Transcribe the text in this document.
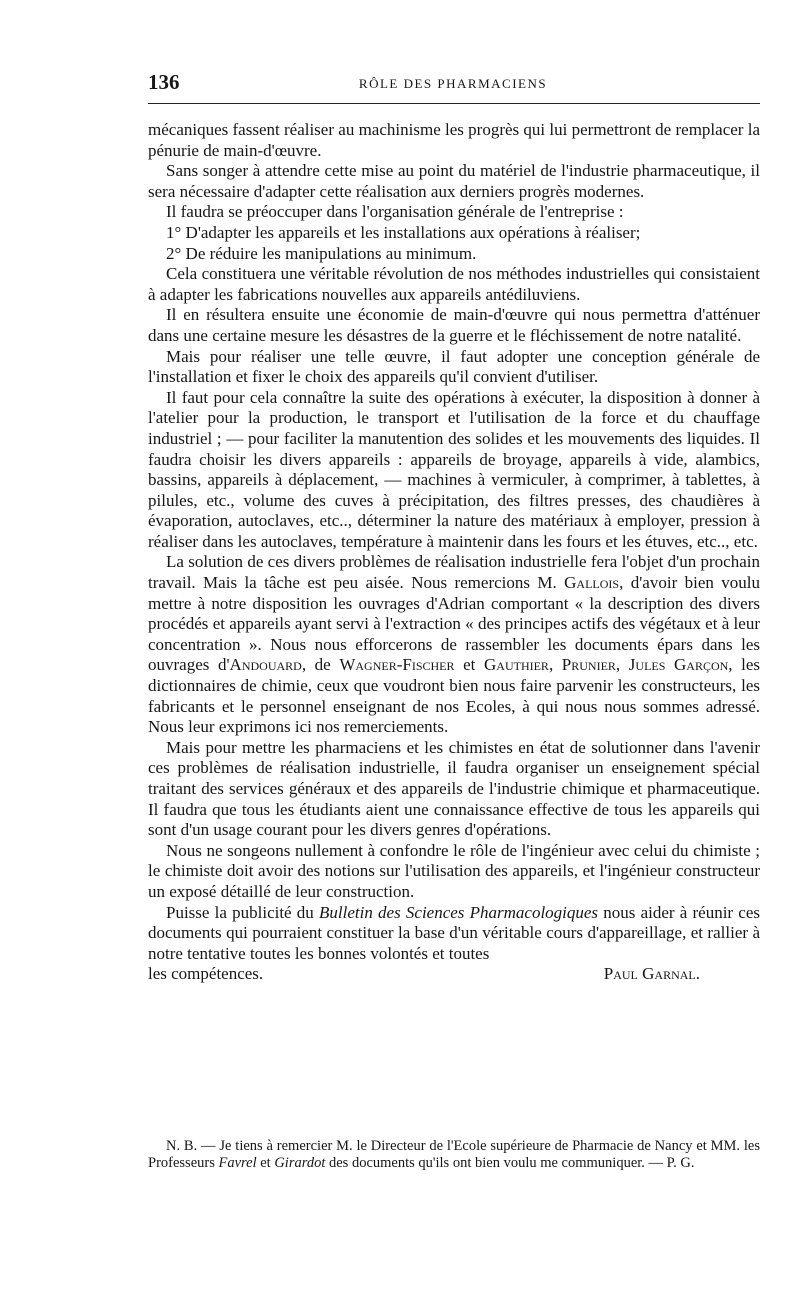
136	RÔLE DES PHARMACIENS

mécaniques fassent réaliser au machinisme les progrès qui lui permettront de remplacer la pénurie de main-d'œuvre.

Sans songer à attendre cette mise au point du matériel de l'industrie pharmaceutique, il sera nécessaire d'adapter cette réalisation aux derniers progrès modernes.

Il faudra se préoccuper dans l'organisation générale de l'entreprise :

1° D'adapter les appareils et les installations aux opérations à réaliser;

2° De réduire les manipulations au minimum.

Cela constituera une véritable révolution de nos méthodes industrielles qui consistaient à adapter les fabrications nouvelles aux appareils antédiluviens.

Il en résultera ensuite une économie de main-d'œuvre qui nous permettra d'atténuer dans une certaine mesure les désastres de la guerre et le fléchissement de notre natalité.

Mais pour réaliser une telle œuvre, il faut adopter une conception générale de l'installation et fixer le choix des appareils qu'il convient d'utiliser.

Il faut pour cela connaître la suite des opérations à exécuter, la disposition à donner à l'atelier pour la production, le transport et l'utilisation de la force et du chauffage industriel ; — pour faciliter la manutention des solides et les mouvements des liquides. Il faudra choisir les divers appareils : appareils de broyage, appareils à vide, alambics, bassins, appareils à déplacement, — machines à vermiculer, à comprimer, à tablettes, à pilules, etc., volume des cuves à précipitation, des filtres presses, des chaudières à évaporation, autoclaves, etc.., déterminer la nature des matériaux à employer, pression à réaliser dans les autoclaves, température à maintenir dans les fours et les étuves, etc.., etc.

La solution de ces divers problèmes de réalisation industrielle fera l'objet d'un prochain travail. Mais la tâche est peu aisée. Nous remercions M. Gallois, d'avoir bien voulu mettre à notre disposition les ouvrages d'Adrian comportant « la description des divers procédés et appareils ayant servi à l'extraction « des principes actifs des végétaux et à leur concentration ». Nous nous efforcerons de rassembler les documents épars dans les ouvrages d'Andouard, de Wagner-Fischer et Gauthier, Prunier, Jules Garçon, les dictionnaires de chimie, ceux que voudront bien nous faire parvenir les constructeurs, les fabricants et le personnel enseignant de nos Ecoles, à qui nous nous sommes adressé. Nous leur exprimons ici nos remerciements.

Mais pour mettre les pharmaciens et les chimistes en état de solutionner dans l'avenir ces problèmes de réalisation industrielle, il faudra organiser un enseignement spécial traitant des services généraux et des appareils de l'industrie chimique et pharmaceutique. Il faudra que tous les étudiants aient une connaissance effective de tous les appareils qui sont d'un usage courant pour les divers genres d'opérations.

Nous ne songeons nullement à confondre le rôle de l'ingénieur avec celui du chimiste ; le chimiste doit avoir des notions sur l'utilisation des appareils, et l'ingénieur constructeur un exposé détaillé de leur construction.

Puisse la publicité du Bulletin des Sciences Pharmacologiques nous aider à réunir ces documents qui pourraient constituer la base d'un véritable cours d'appareillage, et rallier à notre tentative toutes les bonnes volontés et toutes

les compétences.	Paul Garnal.

N. B. — Je tiens à remercier M. le Directeur de l'Ecole supérieure de Pharmacie de Nancy et MM. les Professeurs Favrel et Girardot des documents qu'ils ont bien voulu me communiquer. — P. G.
